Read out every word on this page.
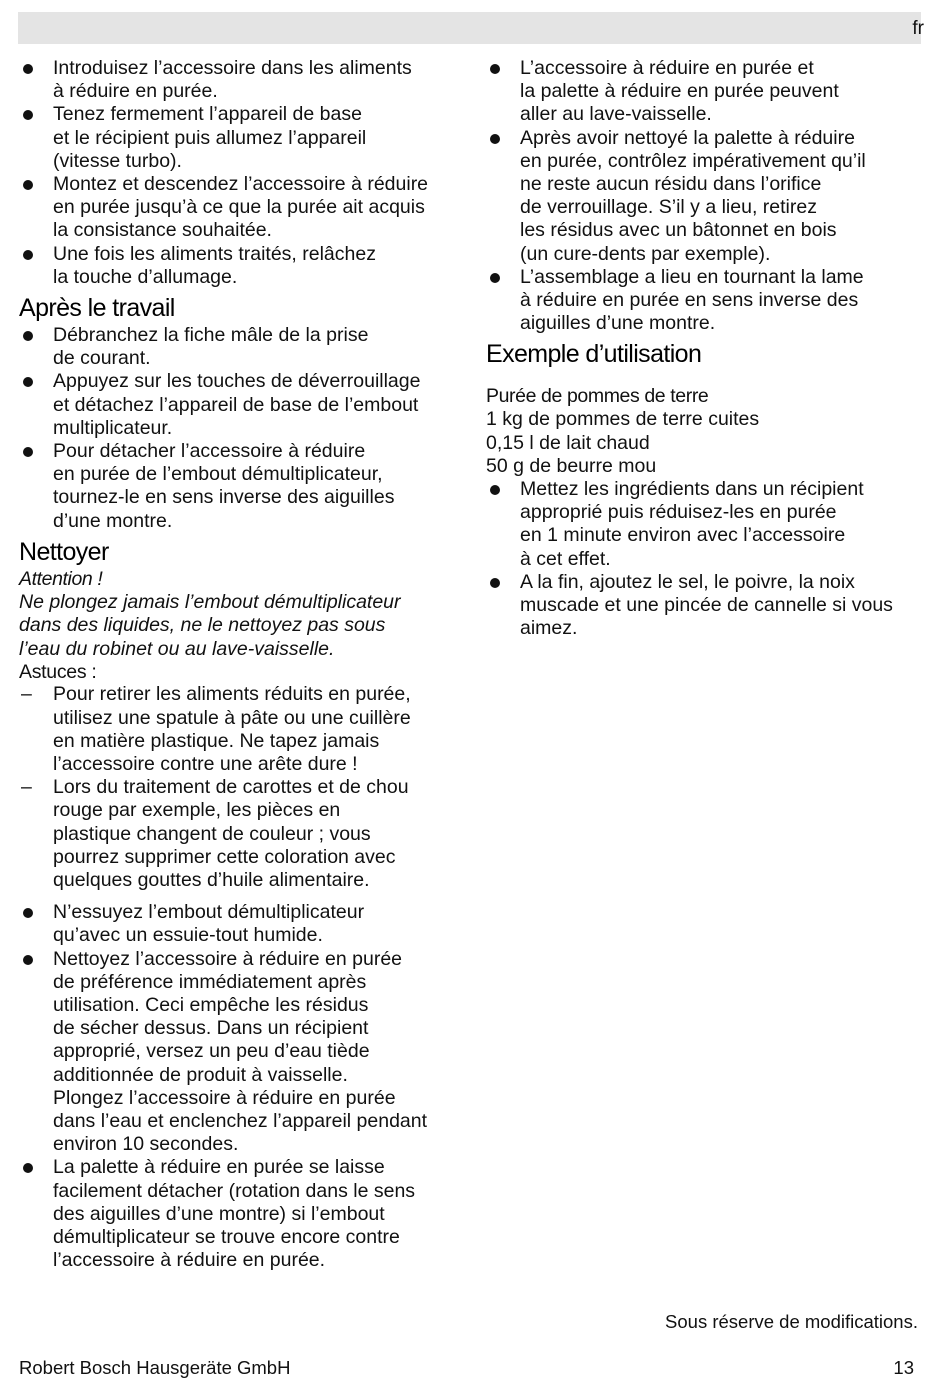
fr
Introduisez l’accessoire dans les aliments
à réduire en purée.
Tenez fermement l’appareil de base
et le récipient puis allumez l’appareil
(vitesse turbo).
Montez et descendez l’accessoire à réduire
en purée jusqu’à ce que la purée ait acquis
la consistance souhaitée.
Une fois les aliments traités, relâchez
la touche d’allumage.
Après le travail
Débranchez la fiche mâle de la prise
de courant.
Appuyez sur les touches de déverrouillage
et détachez l’appareil de base de l’embout
multiplicateur.
Pour détacher l’accessoire à réduire
en purée de l’embout démultiplicateur,
tournez-le en sens inverse des aiguilles
d’une montre.
Nettoyer
Attention !
Ne plongez jamais l’embout démultiplicateur
dans des liquides, ne le nettoyez pas sous
l’eau du robinet ou au lave-vaisselle.
Astuces :
– Pour retirer les aliments réduits en purée,
utilisez une spatule à pâte ou une cuillère
en matière plastique. Ne tapez jamais
l’accessoire contre une arête dure !
– Lors du traitement de carottes et de chou
rouge par exemple, les pièces en
plastique changent de couleur ; vous
pourrez supprimer cette coloration avec
quelques gouttes d’huile alimentaire.
N’essuyez l’embout démultiplicateur
qu’avec un essuie-tout humide.
Nettoyez l’accessoire à réduire en purée
de préférence immédiatement après
utilisation. Ceci empêche les résidus
de sécher dessus. Dans un récipient
approprié, versez un peu d’eau tiède
additionnée de produit à vaisselle.
Plongez l’accessoire à réduire en purée
dans l’eau et enclenchez l’appareil pendant
environ 10 secondes.
La palette à réduire en purée se laisse
facilement détacher (rotation dans le sens
des aiguilles d’une montre) si l’embout
démultiplicateur se trouve encore contre
l’accessoire à réduire en purée.
L’accessoire à réduire en purée et
la palette à réduire en purée peuvent
aller au lave-vaisselle.
Après avoir nettoyé la palette à réduire
en purée, contrôlez impérativement qu’il
ne reste aucun résidu dans l’orifice
de verrouillage. S’il y a lieu, retirez
les résidus avec un bâtonnet en bois
(un cure-dents par exemple).
L’assemblage a lieu en tournant la lame
à réduire en purée en sens inverse des
aiguilles d’une montre.
Exemple d’utilisation
Purée de pommes de terre
1 kg de pommes de terre cuites
0,15 l de lait chaud
50 g de beurre mou
Mettez les ingrédients dans un récipient
approprié puis réduisez-les en purée
en 1 minute environ avec l’accessoire
à cet effet.
A la fin, ajoutez le sel, le poivre, la noix
muscade et une pincée de cannelle si vous
aimez.
Sous réserve de modifications.
Robert Bosch Hausgeräte GmbH	13
